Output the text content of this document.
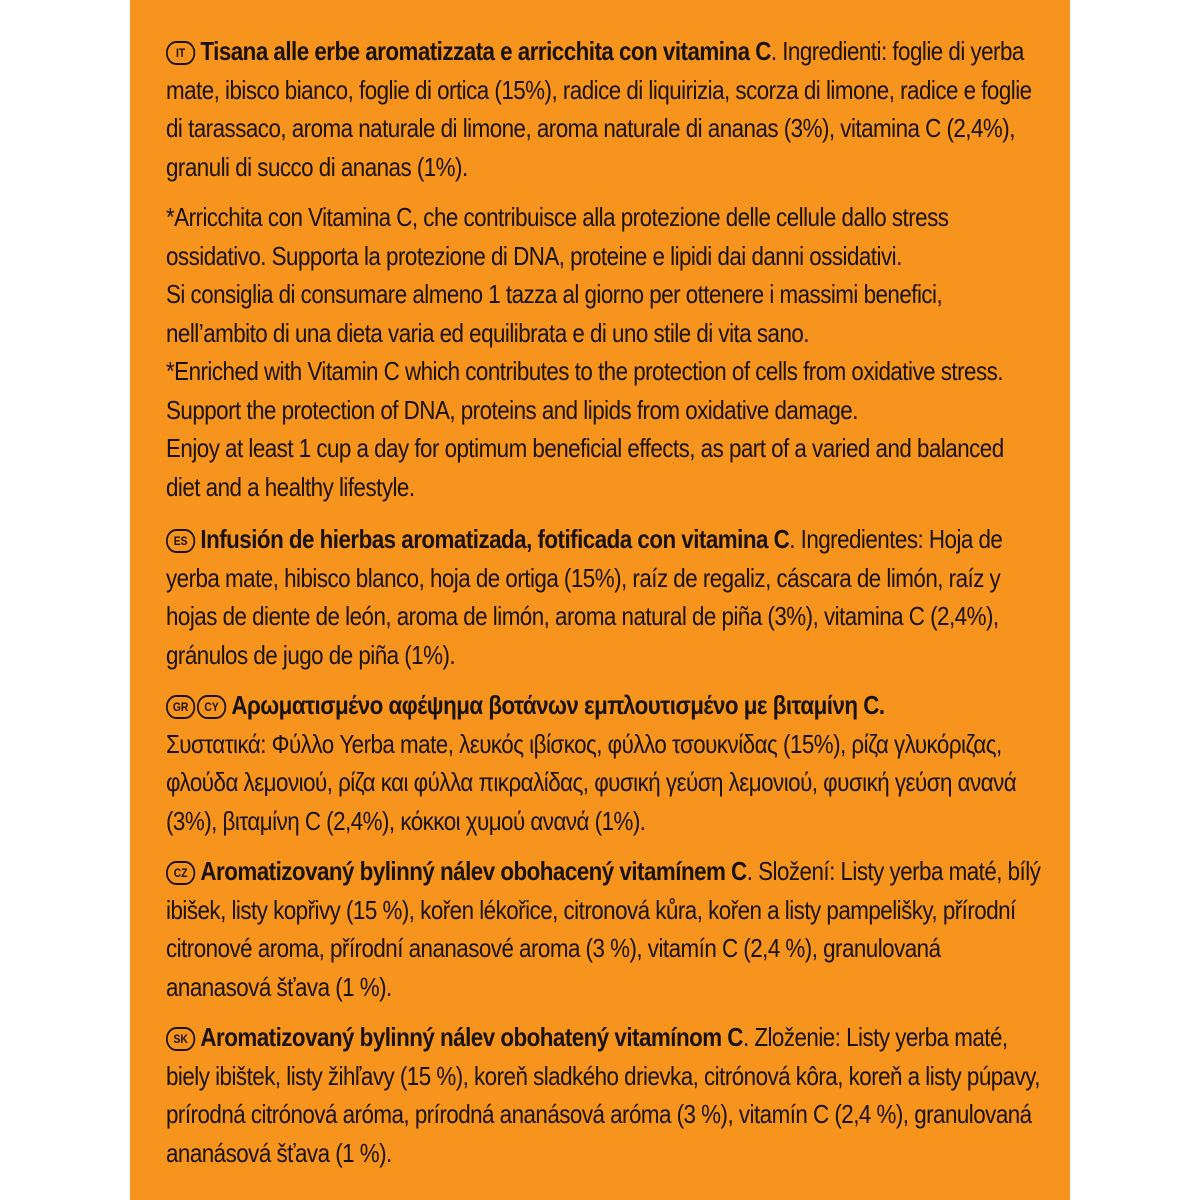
IT Tisana alle erbe aromatizzata e arricchita con vitamina C. Ingredienti: foglie di yerba mate, ibisco bianco, foglie di ortica (15%), radice di liquirizia, scorza di limone, radice e foglie di tarassaco, aroma naturale di limone, aroma naturale di ananas (3%), vitamina C (2,4%), granuli di succo di ananas (1%).

*Arricchita con Vitamina C, che contribuisce alla protezione delle cellule dallo stress ossidativo. Supporta la protezione di DNA, proteine e lipidi dai danni ossidativi.

Si consiglia di consumare almeno 1 tazza al giorno per ottenere i massimi benefici, nell’ambito di una dieta varia ed equilibrata e di uno stile di vita sano.

*Enriched with Vitamin C which contributes to the protection of cells from oxidative stress. Support the protection of DNA, proteins and lipids from oxidative damage.

Enjoy at least 1 cup a day for optimum beneficial effects, as part of a varied and balanced diet and a healthy lifestyle.

ES Infusión de hierbas aromatizada, fotificada con vitamina C. Ingredientes: Hoja de yerba mate, hibisco blanco, hoja de ortiga (15%), raíz de regaliz, cáscara de limón, raíz y hojas de diente de león, aroma de limón, aroma natural de piña (3%), vitamina C (2,4%), gránulos de jugo de piña (1%).

GR CY Αρωματισμένο αφέψημα βοτάνων εμπλουτισμένο με βιταμίνη C.
Συστατικά: Φύλλο Yerba mate, λευκός ιβίσκος, φύλλο τσουκνίδας (15%), ρίζα γλυκόριζας, φλούδα λεμονιού, ρίζα και φύλλα πικραλίδας, φυσική γεύση λεμονιού, φυσική γεύση ανανά (3%), βιταμίνη C (2,4%), κόκκοι χυμού ανανά (1%).

CZ Aromatizovaný bylinný nálev obohacený vitamínem C. Složení: Listy yerba maté, bílý ibišek, listy kopřivy (15 %), kořen lékořice, citronová kůra, kořen a listy pampelišky, přírodní citronové aroma, přírodní ananasové aroma (3 %), vitamín C (2,4 %), granulovaná ananasová šťava (1 %).

SK Aromatizovaný bylinný nálev obohatený vitamínom C. Zloženie: Listy yerba maté, biely ibištek, listy žihľavy (15 %), koreň sladkého drievka, citrónová kôra, koreň a listy púpavy, prírodná citrónová aróma, prírodná ananásová aróma (3 %), vitamín C (2,4 %), granulovaná ananásová šťava (1 %).
